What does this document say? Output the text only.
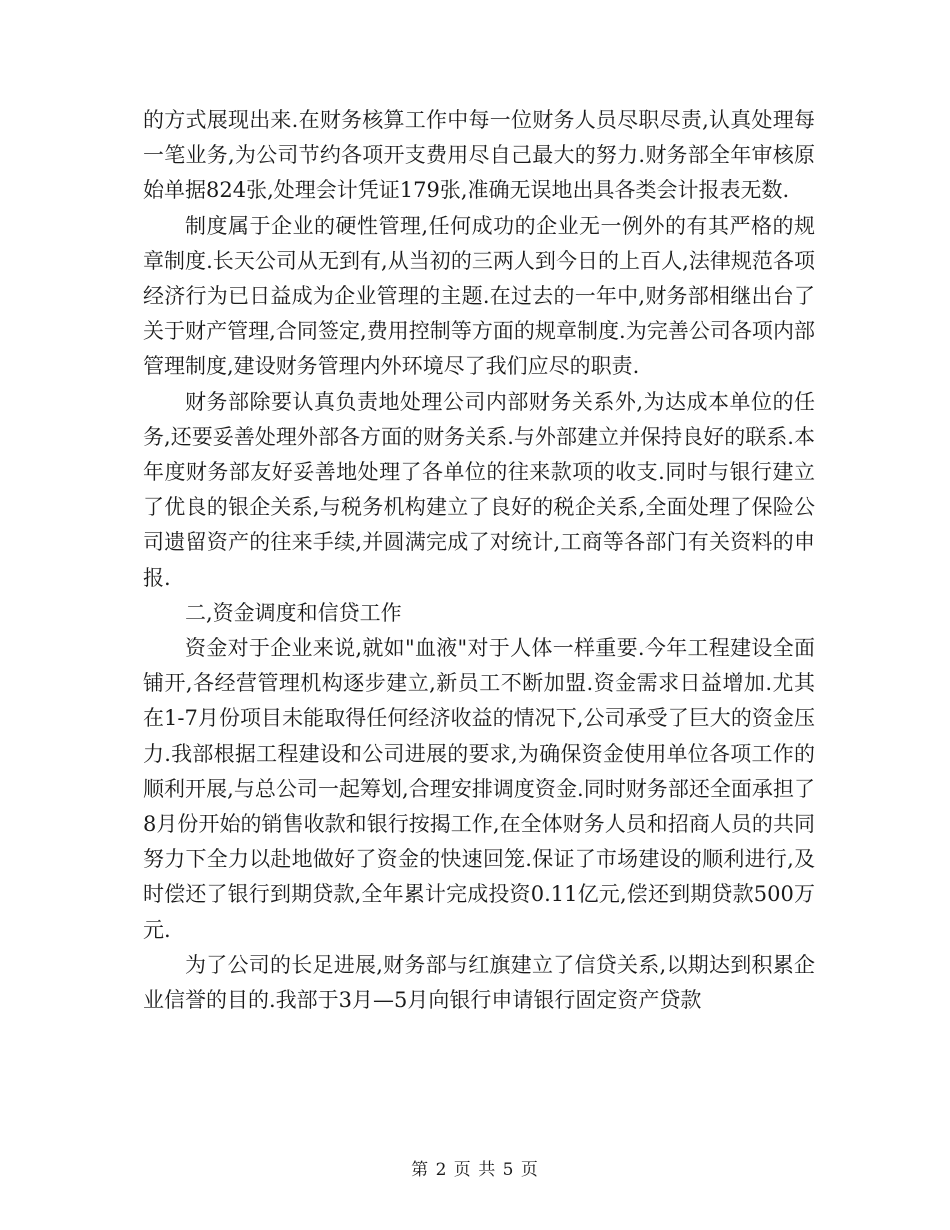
的方式展现出来.在财务核算工作中每一位财务人员尽职尽责,认真处理每一笔业务,为公司节约各项开支费用尽自己最大的努力.财务部全年审核原始单据824张,处理会计凭证179张,准确无误地出具各类会计报表无数.

制度属于企业的硬性管理,任何成功的企业无一例外的有其严格的规章制度.长天公司从无到有,从当初的三两人到今日的上百人,法律规范各项经济行为已日益成为企业管理的主题.在过去的一年中,财务部相继出台了关于财产管理,合同签定,费用控制等方面的规章制度.为完善公司各项内部管理制度,建设财务管理内外环境尽了我们应尽的职责.

财务部除要认真负责地处理公司内部财务关系外,为达成本单位的任务,还要妥善处理外部各方面的财务关系.与外部建立并保持良好的联系.本年度财务部友好妥善地处理了各单位的往来款项的收支.同时与银行建立了优良的银企关系,与税务机构建立了良好的税企关系,全面处理了保险公司遗留资产的往来手续,并圆满完成了对统计,工商等各部门有关资料的申报.

二,资金调度和信贷工作

资金对于企业来说,就如"血液"对于人体一样重要.今年工程建设全面铺开,各经营管理机构逐步建立,新员工不断加盟.资金需求日益增加.尤其在1-7月份项目未能取得任何经济收益的情况下,公司承受了巨大的资金压力.我部根据工程建设和公司进展的要求,为确保资金使用单位各项工作的顺利开展,与总公司一起筹划,合理安排调度资金.同时财务部还全面承担了8月份开始的销售收款和银行按揭工作,在全体财务人员和招商人员的共同努力下全力以赴地做好了资金的快速回笼.保证了市场建设的顺利进行,及时偿还了银行到期贷款,全年累计完成投资0.11亿元,偿还到期贷款500万元.

为了公司的长足进展,财务部与红旗建立了信贷关系,以期达到积累企业信誉的目的.我部于3月—5月向银行申请银行固定资产贷款

第 2 页 共 5 页
